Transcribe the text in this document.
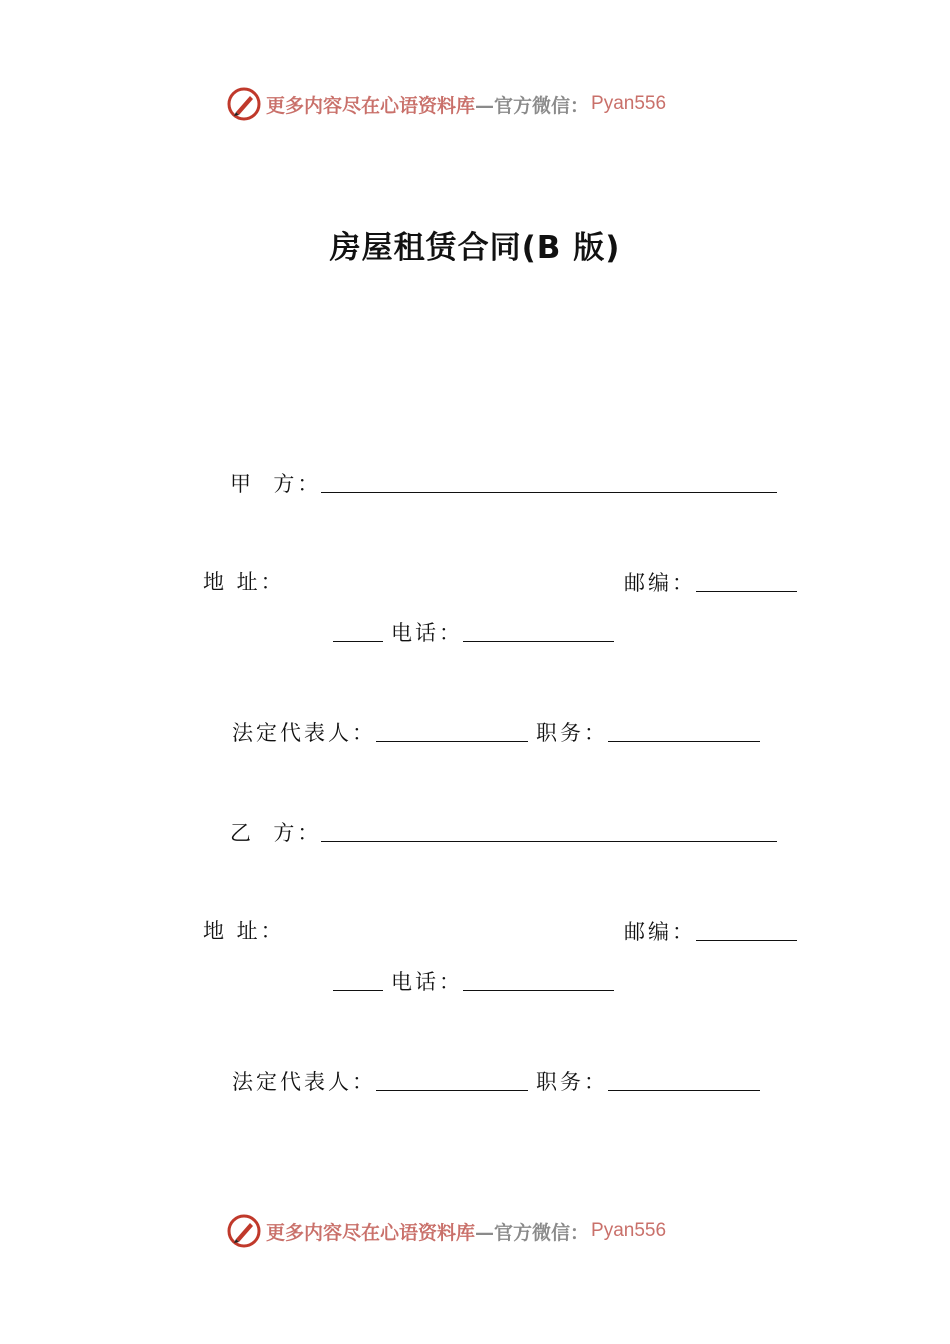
更多内容尽在心语资料库 —官方微信： Pyan556
房屋租赁合同(B 版)
甲  方：
地 址：	邮编：
电话：
法定代表人：	职务：
乙  方：
地 址：	邮编：
电话：
法定代表人：	职务：
更多内容尽在心语资料库 —官方微信： Pyan556
